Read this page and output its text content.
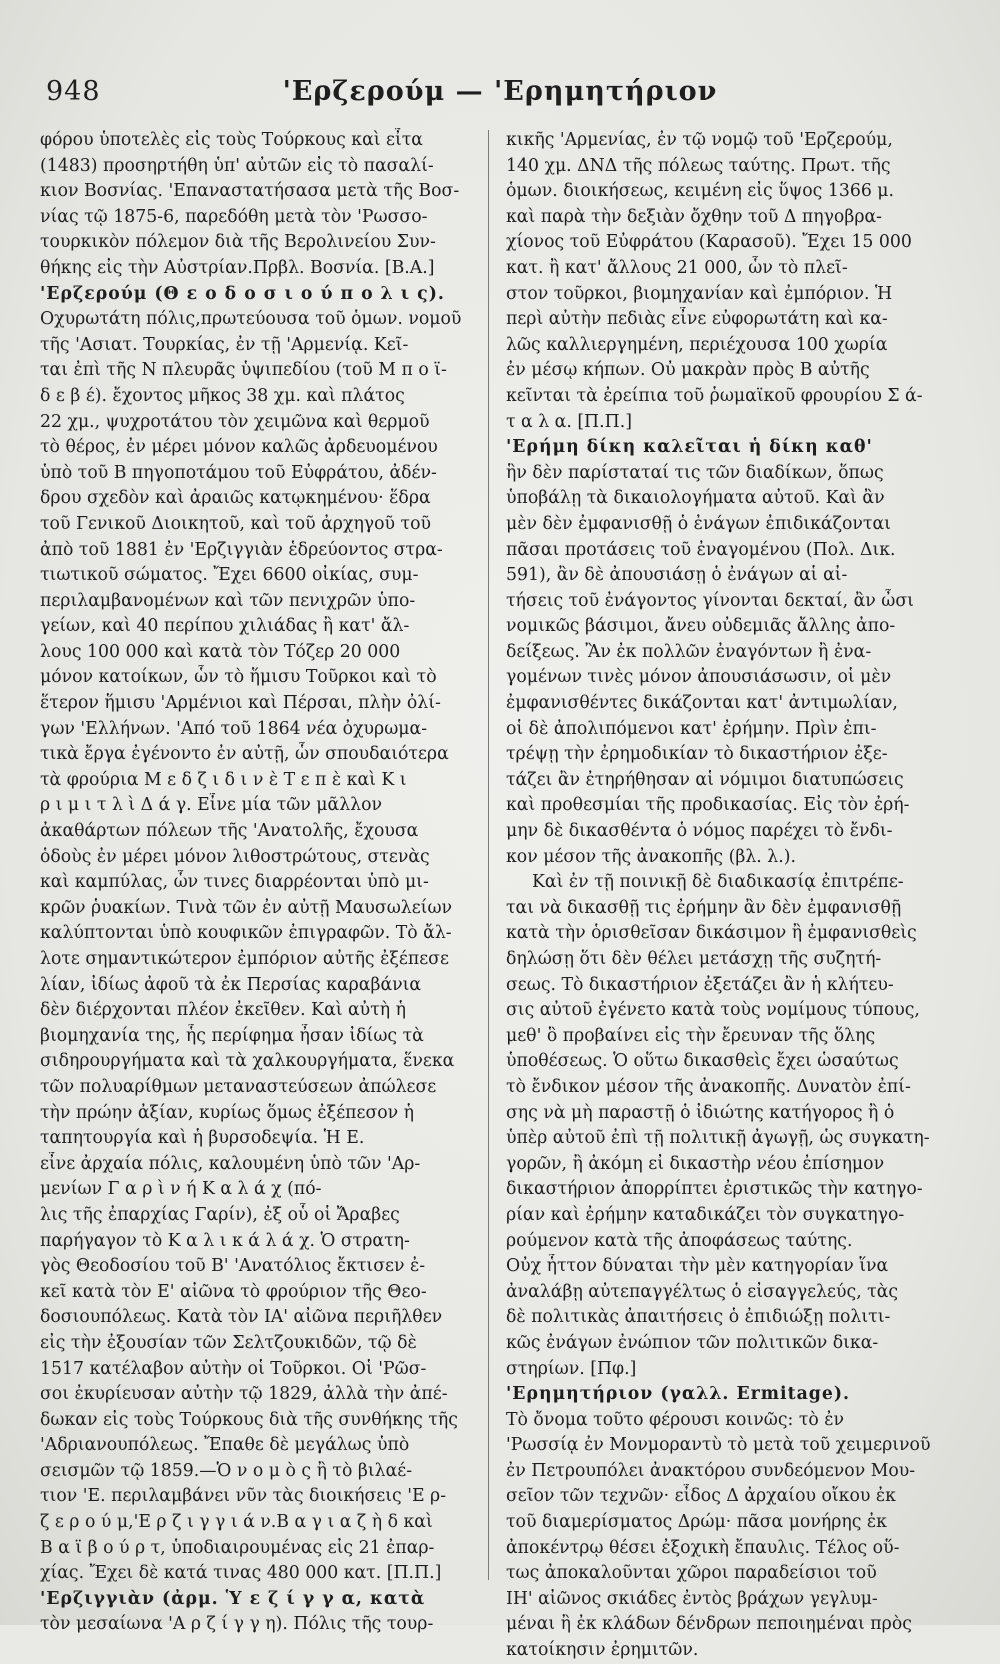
948	'Ερζερούμ — 'Ερημητήριον
φόρου ὑποτελὲς εἰς τοὺς Τούρκους καὶ εἶτα
(1483) προσηρτήθη ὑπ' αὐτῶν εἰς τὸ πασαλί-
κιον Βοσνίας. 'Επαναστατήσασα μετὰ τῆς Βοσ-
νίας τῷ 1875-6, παρεδόθη μετὰ τὸν 'Ρωσσο-
τουρκικὸν πόλεμον διὰ τῆς Βερολινείου Συν-
θήκης εἰς τὴν Αὐστρίαν.Πρβλ. Βοσνία. [Β.Α.]
'Ερζερούμ (Θ ε ο δ ο σ ι ο ύ π ο λ ι ς).
Οχυρωτάτη πόλις,πρωτεύουσα τοῦ ὁμων. νομοῦ
τῆς 'Ασιατ. Τουρκίας, ἐν τῇ 'Αρμενίᾳ. Κεῖ-
ται ἐπὶ τῆς Ν πλευρᾶς ὑψιπεδίου (τοῦ Μ π ο ϊ-
δ ε β έ). ἔχοντος μῆκος 38 χμ. καὶ πλάτος
22 χμ., ψυχροτάτου τὸν χειμῶνα καὶ θερμοῦ
τὸ θέρος, ἐν μέρει μόνον καλῶς ἀρδευομένου
ὑπὸ τοῦ Β πηγοποτάμου τοῦ Εὐφράτου, ἀδέν-
δρου σχεδὸν καὶ ἀραιῶς κατῳκημένου· ἕδρα
τοῦ Γενικοῦ Διοικητοῦ, καὶ τοῦ ἀρχηγοῦ τοῦ
ἀπὸ τοῦ 1881 ἐν 'Ερζιγγιὰν ἑδρεύοντος στρα-
τιωτικοῦ σώματος. Ἔχει 6600 οἰκίας, συμ-
περιλαμβανομένων καὶ τῶν πενιχρῶν ὑπο-
γείων, καὶ 40 περίπου χιλιάδας ἢ κατ' ἄλ-
λους 100 000 καὶ κατὰ τὸν Τόζερ 20 000
μόνον κατοίκων, ὧν τὸ ἥμισυ Τοῦρκοι καὶ τὸ
ἕτερον ἥμισυ 'Αρμένιοι καὶ Πέρσαι, πλὴν ὀλί-
γων 'Ελλήνων. 'Από τοῦ 1864 νέα ὀχυρωμα-
τικὰ ἔργα ἐγένοντο ἐν αὐτῇ, ὧν σπουδαιότερα
τὰ φρούρια Μ ε δ ζ ι δ ι ν ὲ Τ ε π ὲ καὶ Κ ι
ρ ι μ ι τ λ ὶ Δ ά γ. Εἶνε μία τῶν μᾶλλον
ἀκαθάρτων πόλεων τῆς 'Ανατολῆς, ἔχουσα
ὁδοὺς ἐν μέρει μόνον λιθοστρώτους, στενὰς
καὶ καμπύλας, ὧν τινες διαρρέονται ὑπὸ μι-
κρῶν ῥυακίων. Τινὰ τῶν ἐν αὐτῇ Μαυσωλείων
καλύπτονται ὑπὸ κουφικῶν ἐπιγραφῶν. Τὸ ἄλ-
λοτε σημαντικώτερον ἐμπόριον αὐτῆς ἐξέπεσε
λίαν, ἰδίως ἀφοῦ τὰ ἐκ Περσίας καραβάνια
δὲν διέρχονται πλέον ἐκεῖθεν. Καὶ αὐτὴ ἡ
βιομηχανία της, ἧς περίφημα ἦσαν ἰδίως τὰ
σιδηρουργήματα καὶ τὰ χαλκουργήματα, ἕνεκα
τῶν πολυαρίθμων μεταναστεύσεων ἀπώλεσε
τὴν πρώην ἀξίαν, κυρίως ὅμως ἐξέπεσον ἡ
ταπητουργία καὶ ἡ βυρσοδεψία. Ἡ Ε.
εἶνε ἀρχαία πόλις, καλουμένη ὑπὸ τῶν 'Αρ-
μενίων Γ α ρ ὶ ν ή Κ α λ ά χ (πό-
λις τῆς ἐπαρχίας Γαρίν), ἐξ οὗ οἱ Ἄραβες
παρήγαγον τὸ Κ α λ ι κ ά λ ά χ. Ὁ στρατη-
γὸς Θεοδοσίου τοῦ Β' 'Ανατόλιος ἔκτισεν ἐ-
κεῖ κατὰ τὸν Ε' αἰῶνα τὸ φρούριον τῆς Θεο-
δοσιουπόλεως. Κατὰ τὸν ΙΑ' αἰῶνα περιῆλθεν
εἰς τὴν ἐξουσίαν τῶν Σελτζουκιδῶν, τῷ δὲ
1517 κατέλαβον αὐτὴν οἱ Τοῦρκοι. Οἱ 'Ρῶσ-
σοι ἐκυρίευσαν αὐτὴν τῷ 1829, ἀλλὰ τὴν ἀπέ-
δωκαν εἰς τοὺς Τούρκους διὰ τῆς συνθήκης τῆς
'Αδριανουπόλεως. Ἔπαθε δὲ μεγάλως ὑπὸ
σεισμῶν τῷ 1859.—Ὁ ν ο μ ὸ ς ἢ τὸ βιλαέ-
τιον 'Ε. περιλαμβάνει νῦν τὰς διοικήσεις 'Ε ρ-
ζ ε ρ ο ύ μ,'Ε ρ ζ ι γ γ ι ά ν.Β α γ ι α ζ ὴ δ καὶ
Β α ϊ β ο ύ ρ τ, ὑποδιαιρουμένας εἰς 21 ἐπαρ-
χίας. Ἔχει δὲ κατά τινας 480 000 κατ. [Π.Π.]
'Ερζιγγιὰν (ἀρμ. Ὑ ε ζ ί γ γ α, κατὰ
τὸν μεσαίωνα 'Α ρ ζ ί γ γ η). Πόλις τῆς τουρ-
κικῆς 'Αρμενίας, ἐν τῷ νομῷ τοῦ 'Ερζερούμ,
140 χμ. ΔΝΔ τῆς πόλεως ταύτης. Πρωτ. τῆς
ὁμων. διοικήσεως, κειμένη εἰς ὕψος 1366 μ.
καὶ παρὰ τὴν δεξιὰν ὄχθην τοῦ Δ πηγοβρα-
χίονος τοῦ Εὐφράτου (Καρασοῦ). Ἔχει 15 000
κατ. ἢ κατ' ἄλλους 21 000, ὧν τὸ πλεῖ-
στον τοῦρκοι, βιομηχανίαν καὶ ἐμπόριον. Ἡ
περὶ αὐτὴν πεδιὰς εἶνε εὐφορωτάτη καὶ κα-
λῶς καλλιεργημένη, περιέχουσα 100 χωρία
ἐν μέσῳ κήπων. Οὐ μακρὰν πρὸς Β αὐτῆς
κεῖνται τὰ ἐρείπια τοῦ ῥωμαϊκοῦ φρουρίου Σ ά-
τ α λ α. [Π.Π.]
'Ερήμη δίκη καλεῖται ἡ δίκη καθ'
ἣν δὲν παρίσταταί τις τῶν διαδίκων, ὅπως
ὑποβάλῃ τὰ δικαιολογήματα αὐτοῦ. Καὶ ἂν
μὲν δὲν ἐμφανισθῇ ὁ ἐνάγων ἐπιδικάζονται
πᾶσαι προτάσεις τοῦ ἐναγομένου (Πολ. Δικ.
591), ἂν δὲ ἀπουσιάσῃ ὁ ἐνάγων αἱ αἰ-
τήσεις τοῦ ἐνάγοντος γίνονται δεκταί, ἂν ὦσι
νομικῶς βάσιμοι, ἄνευ οὐδεμιᾶς ἄλλης ἀπο-
δείξεως. Ἂν ἐκ πολλῶν ἐναγόντων ἢ ἐνα-
γομένων τινὲς μόνον ἀπουσιάσωσιν, οἱ μὲν
ἐμφανισθέντες δικάζονται κατ' ἀντιμωλίαν,
οἱ δὲ ἀπολιπόμενοι κατ' ἐρήμην. Πρὶν ἐπι-
τρέψῃ τὴν ἐρημοδικίαν τὸ δικαστήριον ἐξε-
τάζει ἂν ἐτηρήθησαν αἱ νόμιμοι διατυπώσεις
καὶ προθεσμίαι τῆς προδικασίας. Εἰς τὸν ἐρή-
μην δὲ δικασθέντα ὁ νόμος παρέχει τὸ ἔνδι-
κον μέσον τῆς ἀνακοπῆς (βλ. λ.).
Καὶ ἐν τῇ ποινικῇ δὲ διαδικασίᾳ ἐπιτρέπε-
ται νὰ δικασθῇ τις ἐρήμην ἂν δὲν ἐμφανισθῇ
κατὰ τὴν ὁρισθεῖσαν δικάσιμον ἢ ἐμφανισθεὶς
δηλώσῃ ὅτι δὲν θέλει μετάσχῃ τῆς συζητή-
σεως. Τὸ δικαστήριον ἐξετάζει ἂν ἡ κλήτευ-
σις αὐτοῦ ἐγένετο κατὰ τοὺς νομίμους τύπους,
μεθ' ὃ προβαίνει εἰς τὴν ἔρευναν τῆς ὅλης
ὑποθέσεως. Ὁ οὕτω δικασθεὶς ἔχει ὡσαύτως
τὸ ἔνδικον μέσον τῆς ἀνακοπῆς. Δυνατὸν ἐπί-
σης νὰ μὴ παραστῇ ὁ ἰδιώτης κατήγορος ἢ ὁ
ὑπὲρ αὐτοῦ ἐπὶ τῇ πολιτικῇ ἀγωγῇ, ὡς συγκατη-
γορῶν, ἢ ἀκόμη εἰ δικαστὴρ νέου ἐπίσημον
δικαστήριον ἀπορρίπτει ἐριστικῶς τὴν κατηγο-
ρίαν καὶ ἐρήμην καταδικάζει τὸν συγκατηγο-
ρούμενον κατὰ τῆς ἀποφάσεως ταύτης.
Οὐχ ἧττον δύναται τὴν μὲν κατηγορίαν ἵνα
ἀναλάβῃ αὐτεπαγγέλτως ὁ εἰσαγγελεύς, τὰς
δὲ πολιτικὰς ἀπαιτήσεις ὁ ἐπιδιώξῃ πολιτι-
κῶς ἐνάγων ἐνώπιον τῶν πολιτικῶν δικα-
στηρίων. [Πφ.]
'Ερημητήριον (γαλλ. Ermitage).
Τὸ ὄνομα τοῦτο φέρουσι κοινῶς: τὸ ἐν
'Ρωσσίᾳ ἐν Μονμοραντὺ τὸ μετὰ τοῦ χειμερινοῦ
ἐν Πετρουπόλει ἀνακτόρου συνδεόμενον Μου-
σεῖον τῶν τεχνῶν· εἶδος Δ ἀρχαίου οἴκου ἐκ
τοῦ διαμερίσματος Δρώμ· πᾶσα μονήρης ἐκ
ἀποκέντρῳ θέσει ἐξοχικὴ ἔπαυλις. Τέλος οὕ-
τως ἀποκαλοῦνται χῶροι παραδείσιοι τοῦ
ΙΗ' αἰῶνος σκιάδες ἐντὸς βράχων γεγλυμ-
μέναι ἢ ἐκ κλάδων δένδρων πεποιημέναι πρὸς
κατοίκησιν ἐρημιτῶν.
